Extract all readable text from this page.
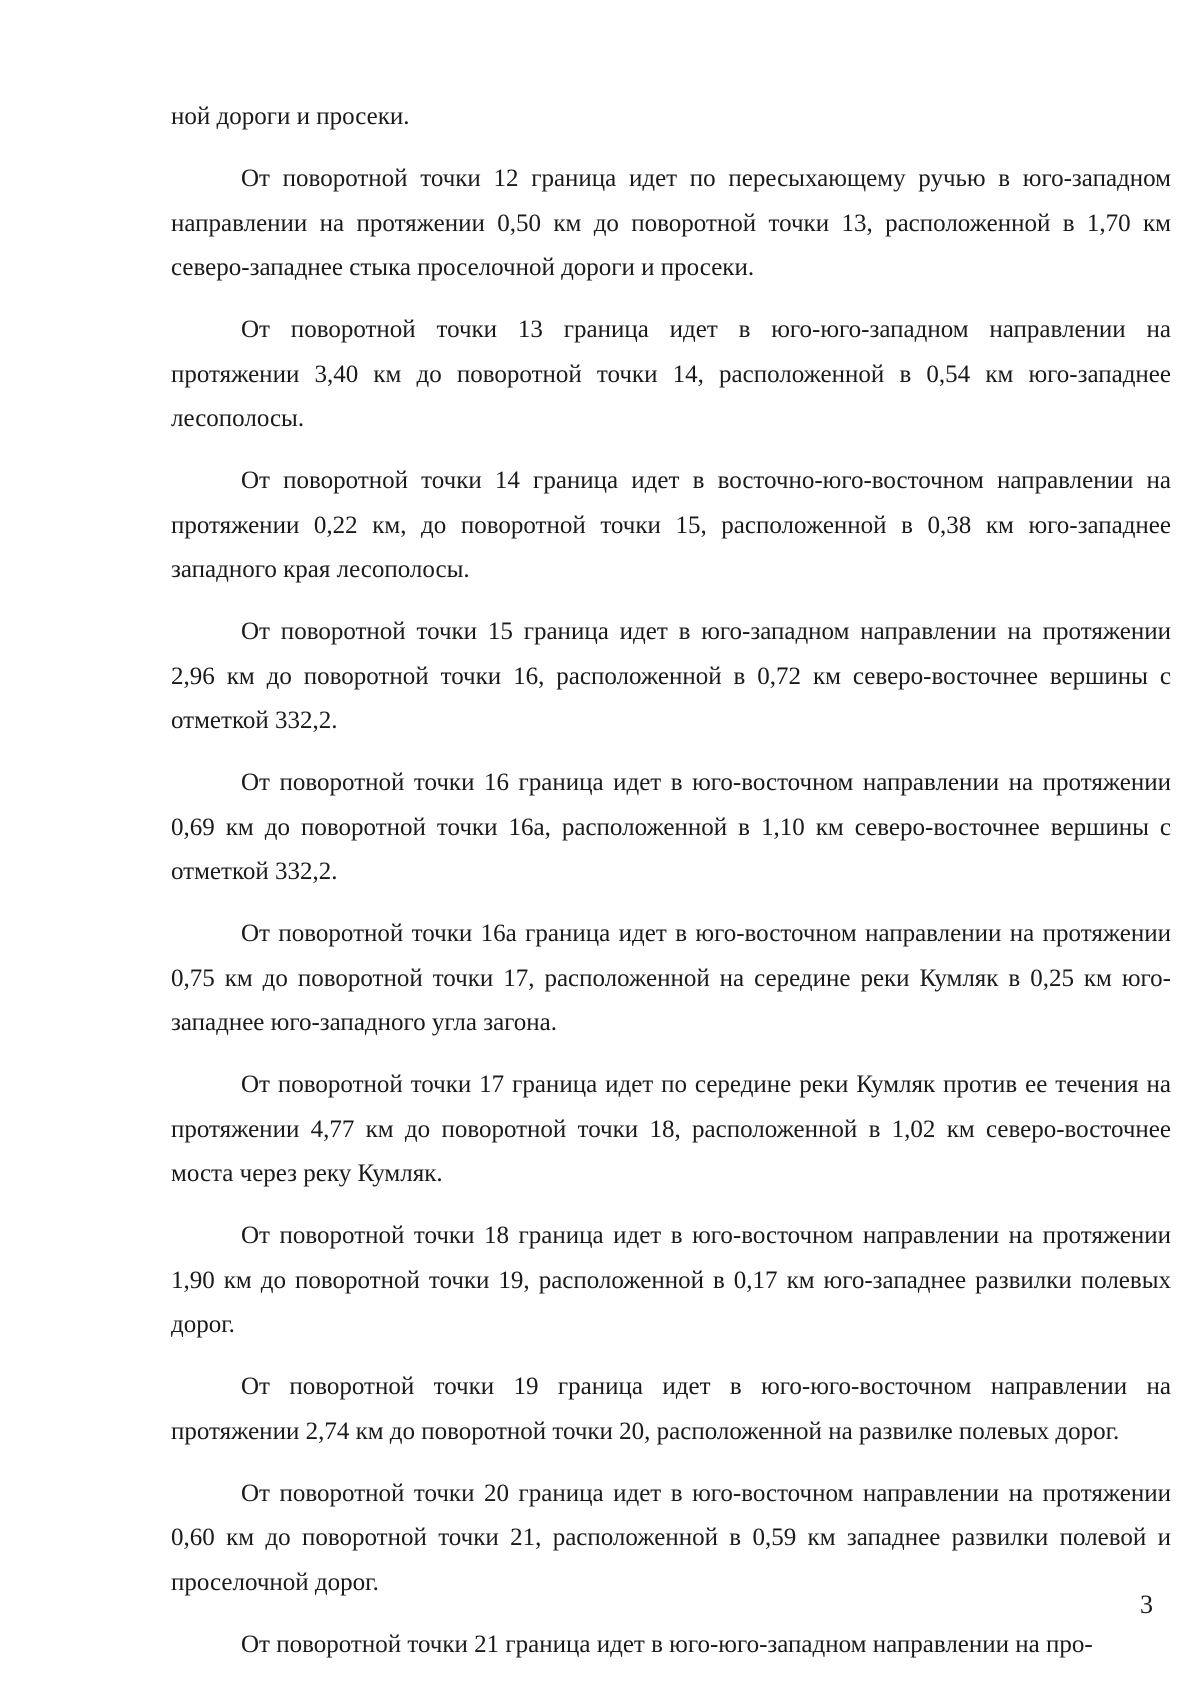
ной дороги и просеки.

От поворотной точки 12 граница идет по пересыхающему ручью в юго-западном направлении на протяжении 0,50 км до поворотной точки 13, расположенной в 1,70 км северо-западнее стыка проселочной дороги и просеки.

От поворотной точки 13 граница идет в юго-юго-западном направлении на протяжении 3,40 км до поворотной точки 14, расположенной в 0,54 км юго-западнее лесополосы.

От поворотной точки 14 граница идет в восточно-юго-восточном направлении на протяжении 0,22 км, до поворотной точки 15, расположенной в 0,38 км юго-западнее западного края лесополосы.

От поворотной точки 15 граница идет в юго-западном направлении на протяжении 2,96 км до поворотной точки 16, расположенной в 0,72 км северо-восточнее вершины с отметкой 332,2.

От поворотной точки 16 граница идет в юго-восточном направлении на протяжении 0,69 км до поворотной точки 16а, расположенной в 1,10 км северо-восточнее вершины с отметкой 332,2.

От поворотной точки 16а граница идет в юго-восточном направлении на протяжении 0,75 км до поворотной точки 17, расположенной на середине реки Кумляк в 0,25 км юго-западнее юго-западного угла загона.

От поворотной точки 17 граница идет по середине реки Кумляк против ее течения на протяжении 4,77 км до поворотной точки 18, расположенной в 1,02 км северо-восточнее моста через реку Кумляк.

От поворотной точки 18 граница идет в юго-восточном направлении на протяжении 1,90 км до поворотной точки 19, расположенной в 0,17 км юго-западнее развилки полевых дорог.

От поворотной точки 19 граница идет в юго-юго-восточном направлении на протяжении 2,74 км до поворотной точки 20, расположенной на развилке полевых дорог.

От поворотной точки 20 граница идет в юго-восточном направлении на протяжении 0,60 км до поворотной точки 21, расположенной в 0,59 км западнее развилки полевой и проселочной дорог.

От поворотной точки 21 граница идет в юго-юго-западном направлении на про-

3
